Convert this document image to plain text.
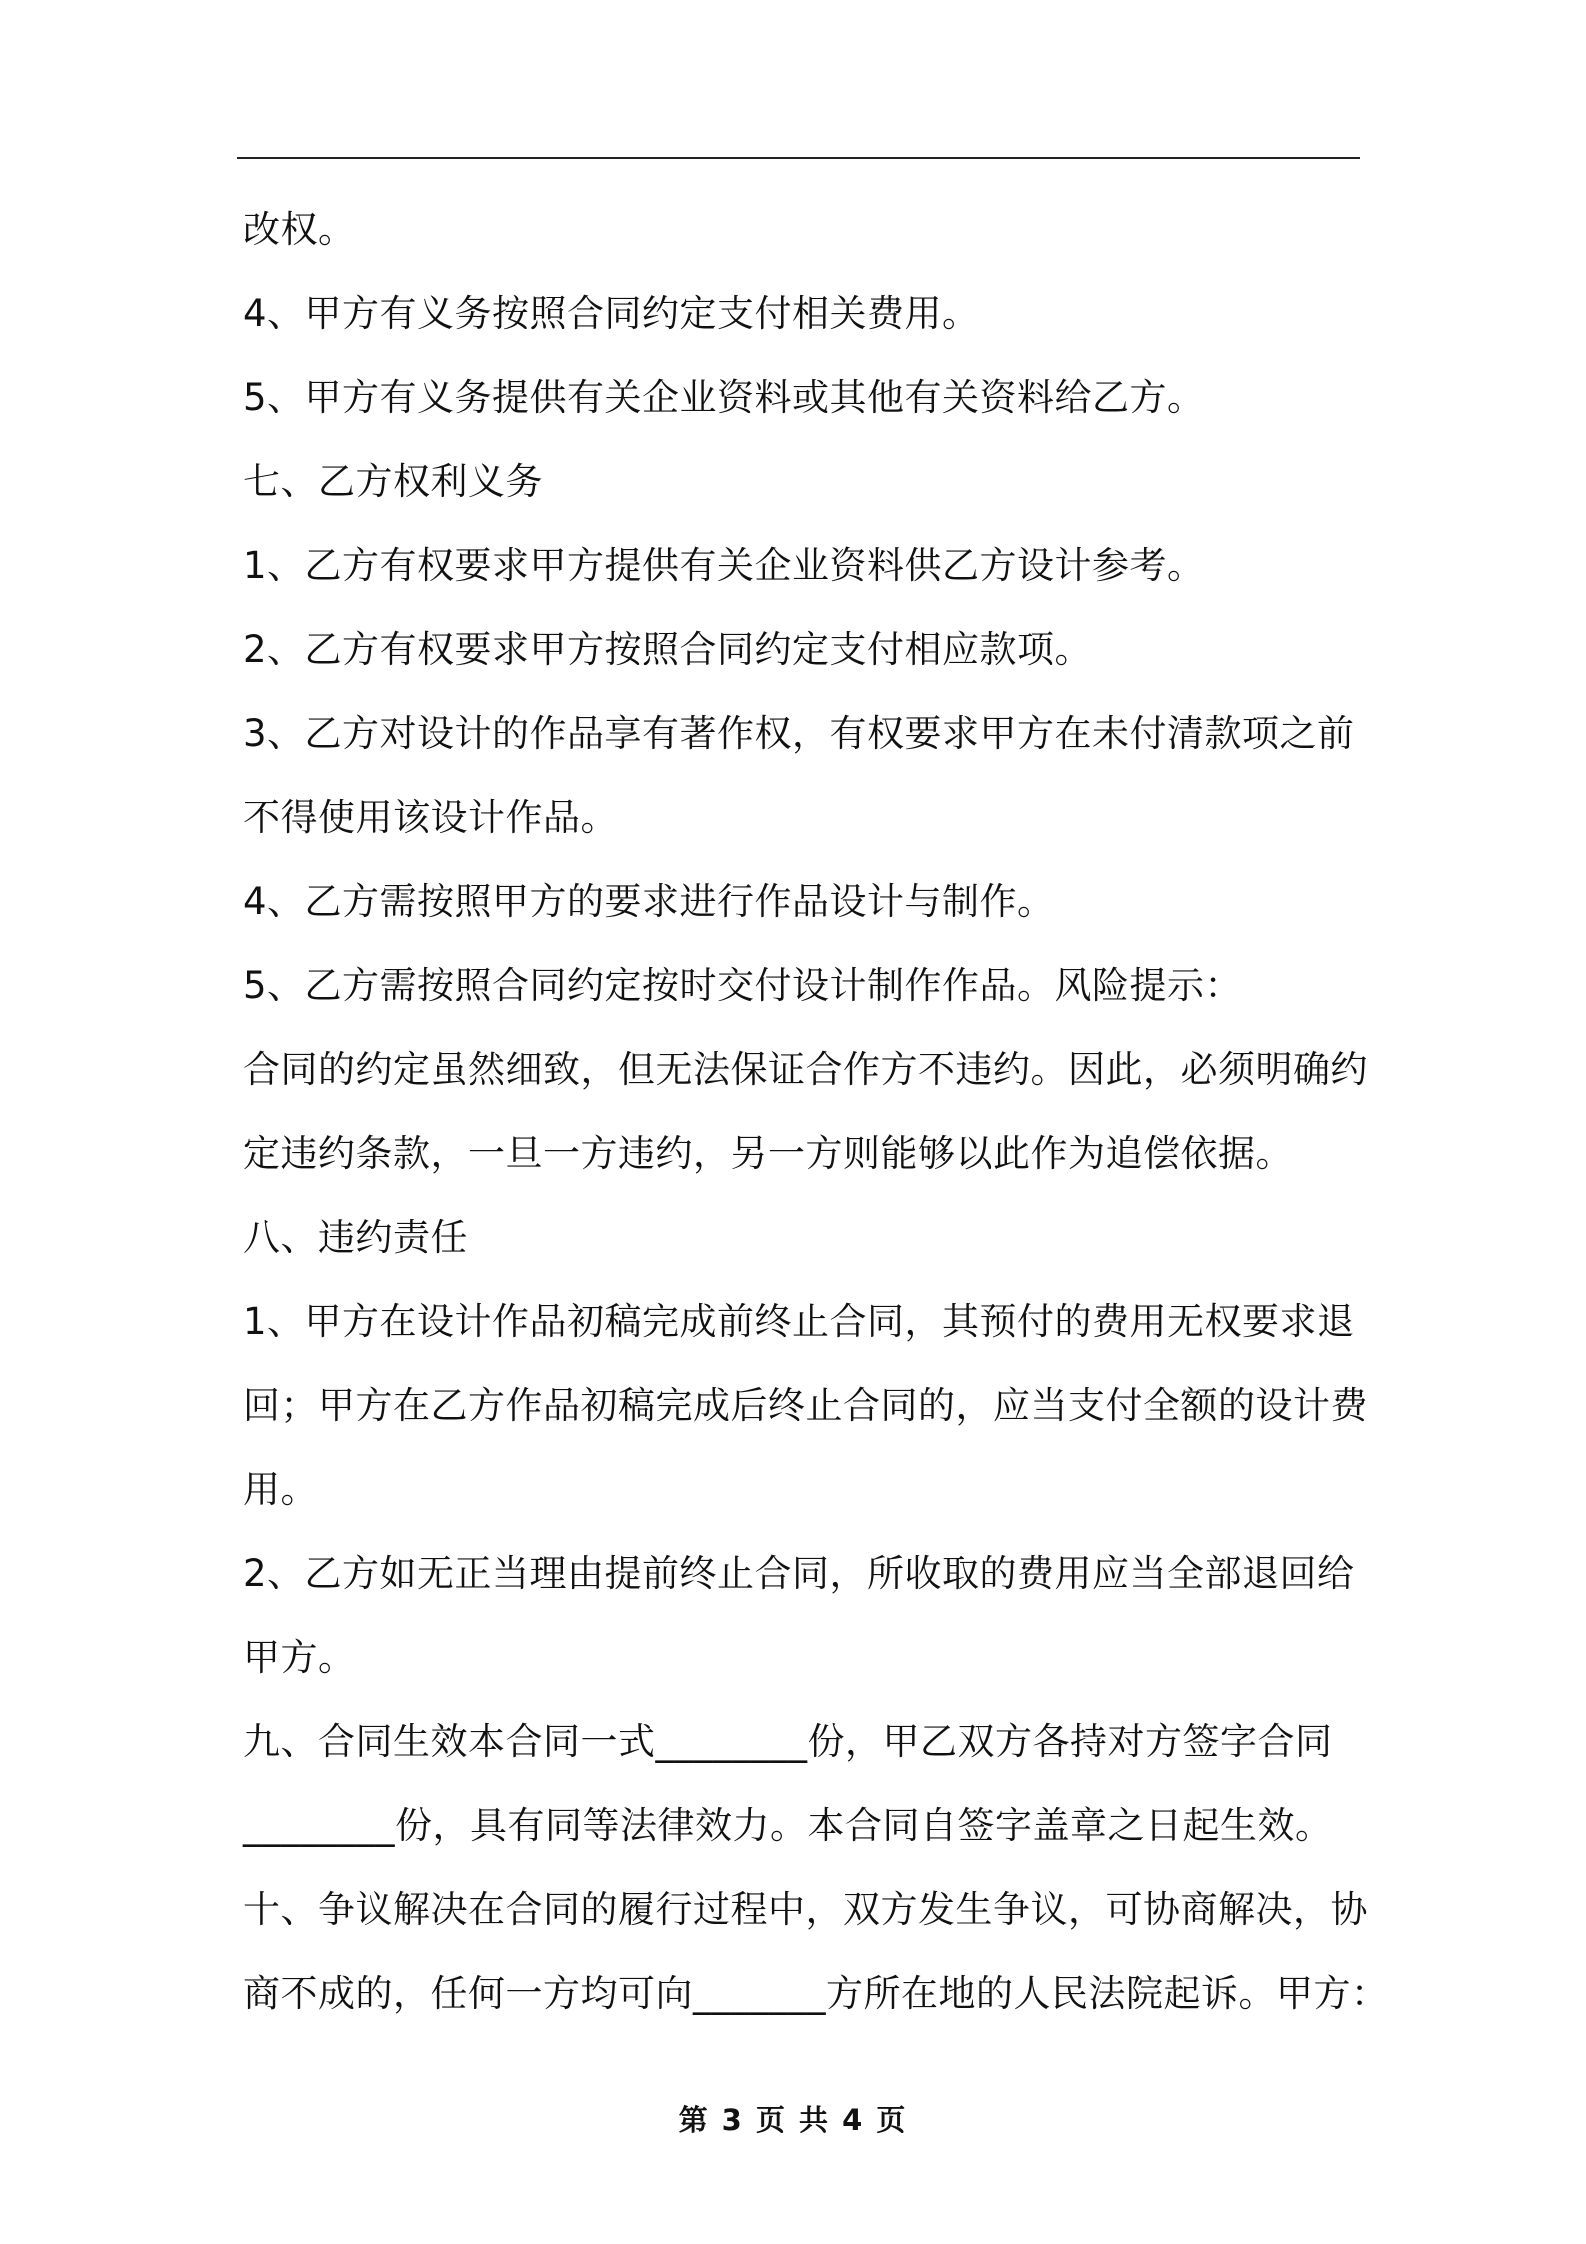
改权。
4、甲方有义务按照合同约定支付相关费用。
5、甲方有义务提供有关企业资料或其他有关资料给乙方。
七、乙方权利义务
1、乙方有权要求甲方提供有关企业资料供乙方设计参考。
2、乙方有权要求甲方按照合同约定支付相应款项。
3、乙方对设计的作品享有著作权，有权要求甲方在未付清款项之前
不得使用该设计作品。
4、乙方需按照甲方的要求进行作品设计与制作。
5、乙方需按照合同约定按时交付设计制作作品。风险提示：
合同的约定虽然细致，但无法保证合作方不违约。因此，必须明确约
定违约条款，一旦一方违约，另一方则能够以此作为追偿依据。
八、违约责任
1、甲方在设计作品初稿完成前终止合同，其预付的费用无权要求退
回；甲方在乙方作品初稿完成后终止合同的，应当支付全额的设计费
用。
2、乙方如无正当理由提前终止合同，所收取的费用应当全部退回给
甲方。
九、合同生效本合同一式________份，甲乙双方各持对方签字合同
________份，具有同等法律效力。本合同自签字盖章之日起生效。
十、争议解决在合同的履行过程中，双方发生争议，可协商解决，协
商不成的，任何一方均可向_______方所在地的人民法院起诉。甲方：
第 3 页 共 4 页
